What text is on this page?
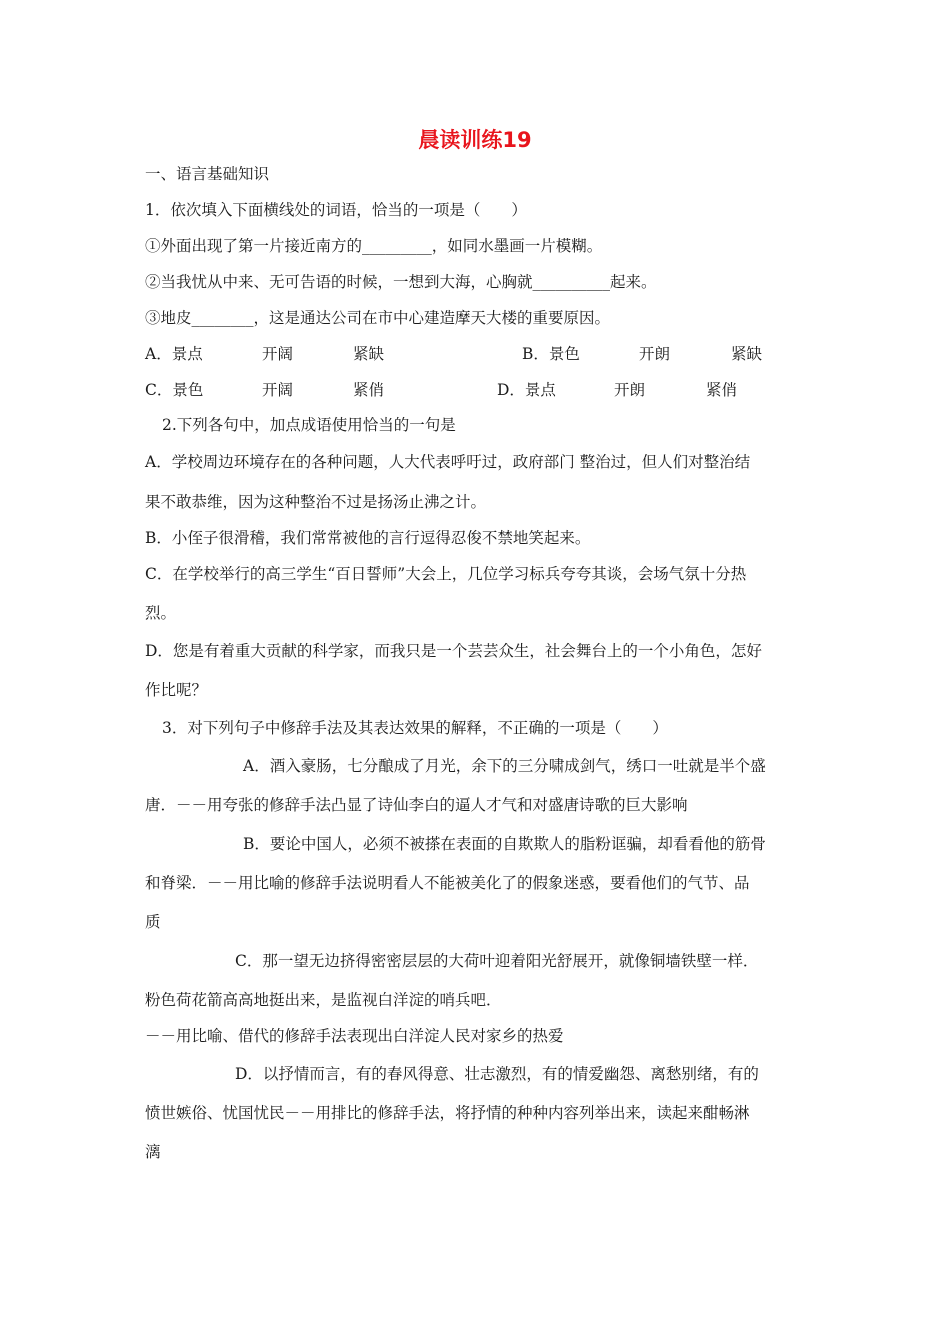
晨读训练19
一、语言基础知识
1．依次填入下面横线处的词语，恰当的一项是（　　）
①外面出现了第一片接近南方的_________，如同水墨画一片模糊。
②当我忧从中来、无可告语的时候，一想到大海，心胸就__________起来。
③地皮________，这是通达公司在市中心建造摩天大楼的重要原因。
A．景点	开阔	紧缺	B．景色	开朗	紧缺
C．景色	开阔	紧俏	D．景点	开朗	紧俏
2.下列各句中，加点成语使用恰当的一句是
A．学校周边环境存在的各种问题，人大代表呼吁过，政府部门 整治过，但人们对整治结
果不敢恭维，因为这种整治不过是扬汤止沸之计。
B．小侄子很滑稽，我们常常被他的言行逗得忍俊不禁地笑起来。
C．在学校举行的高三学生“百日誓师”大会上，几位学习标兵夸夸其谈，会场气氛十分热
烈。
D．您是有着重大贡献的科学家，而我只是一个芸芸众生，社会舞台上的一个小角色，怎好
作比呢？
3．对下列句子中修辞手法及其表达效果的解释，不正确的一项是（　　）
A．酒入豪肠，七分酿成了月光，余下的三分啸成剑气，绣口一吐就是半个盛
唐．－－用夸张的修辞手法凸显了诗仙李白的逼人才气和对盛唐诗歌的巨大影响
B．要论中国人，必须不被搽在表面的自欺欺人的脂粉诓骗，却看看他的筋骨
和脊梁．－－用比喻的修辞手法说明看人不能被美化了的假象迷惑，要看他们的气节、品
质
C．那一望无边挤得密密层层的大荷叶迎着阳光舒展开，就像铜墙铁壁一样．
粉色荷花箭高高地挺出来，是监视白洋淀的哨兵吧．
－－用比喻、借代的修辞手法表现出白洋淀人民对家乡的热爱
D．以抒情而言，有的春风得意、壮志激烈，有的情爱幽怨、离愁别绪，有的
愤世嫉俗、忧国忧民－－用排比的修辞手法，将抒情的种种内容列举出来，读起来酣畅淋
漓
